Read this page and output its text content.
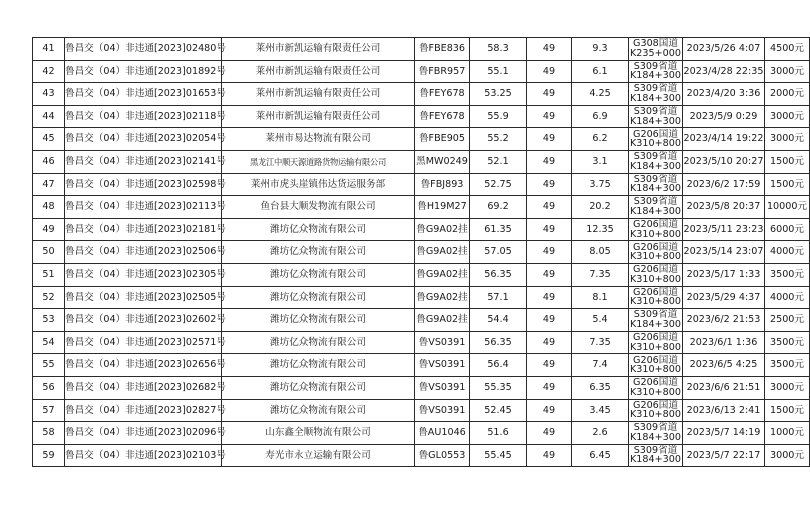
41	鲁昌交（04）非违通[2023]02480号	莱州市新凯运输有限责任公司	鲁FBE836	58.3	49	9.3	G308国道
K235+000	2023/5/26 4:07	4500元
42	鲁昌交（04）非违通[2023]01892号	莱州市新凯运输有限责任公司	鲁FBR957	55.1	49	6.1	S309省道
K184+300	2023/4/28 22:35	3000元
43	鲁昌交（04）非违通[2023]01653号	莱州市新凯运输有限责任公司	鲁FEY678	53.25	49	4.25	S309省道
K184+300	2023/4/20 3:36	2000元
44	鲁昌交（04）非违通[2023]02118号	莱州市新凯运输有限责任公司	鲁FEY678	55.9	49	6.9	S309省道
K184+300	2023/5/9 0:29	3000元
45	鲁昌交（04）非违通[2023]02054号	莱州市易达物流有限公司	鲁FBE905	55.2	49	6.2	G206国道
K310+800	2023/4/14 19:22	3000元
46	鲁昌交（04）非违通[2023]02141号	黑龙江中顺天源道路货物运输有限公司	黑MW0249	52.1	49	3.1	S309省道
K184+300	2023/5/10 20:27	1500元
47	鲁昌交（04）非违通[2023]02598号	莱州市虎头崖镇伟达货运服务部	鲁FBJ893	52.75	49	3.75	S309省道
K184+300	2023/6/2 17:59	1500元
48	鲁昌交（04）非违通[2023]02113号	鱼台县大顺发物流有限公司	鲁H19M27	69.2	49	20.2	S309省道
K184+300	2023/5/8 20:37	10000元
49	鲁昌交（04）非违通[2023]02181号	潍坊亿众物流有限公司	鲁G9A02挂	61.35	49	12.35	G206国道
K310+800	2023/5/11 23:23	6000元
50	鲁昌交（04）非违通[2023]02506号	潍坊亿众物流有限公司	鲁G9A02挂	57.05	49	8.05	G206国道
K310+800	2023/5/14 23:07	4000元
51	鲁昌交（04）非违通[2023]02305号	潍坊亿众物流有限公司	鲁G9A02挂	56.35	49	7.35	G206国道
K310+800	2023/5/17 1:33	3500元
52	鲁昌交（04）非违通[2023]02505号	潍坊亿众物流有限公司	鲁G9A02挂	57.1	49	8.1	G206国道
K310+800	2023/5/29 4:37	4000元
53	鲁昌交（04）非违通[2023]02602号	潍坊亿众物流有限公司	鲁G9A02挂	54.4	49	5.4	S309省道
K184+300	2023/6/2 21:53	2500元
54	鲁昌交（04）非违通[2023]02571号	潍坊亿众物流有限公司	鲁VS0391	56.35	49	7.35	G206国道
K310+800	2023/6/1 1:36	3500元
55	鲁昌交（04）非违通[2023]02656号	潍坊亿众物流有限公司	鲁VS0391	56.4	49	7.4	G206国道
K310+800	2023/6/5 4:25	3500元
56	鲁昌交（04）非违通[2023]02682号	潍坊亿众物流有限公司	鲁VS0391	55.35	49	6.35	G206国道
K310+800	2023/6/6 21:51	3000元
57	鲁昌交（04）非违通[2023]02827号	潍坊亿众物流有限公司	鲁VS0391	52.45	49	3.45	G206国道
K310+800	2023/6/13 2:41	1500元
58	鲁昌交（04）非违通[2023]02096号	山东鑫全顺物流有限公司	鲁AU1046	51.6	49	2.6	S309省道
K184+300	2023/5/7 14:19	1000元
59	鲁昌交（04）非违通[2023]02103号	寿光市永立运输有限公司	鲁GL0553	55.45	49	6.45	S309省道
K184+300	2023/5/7 22:17	3000元
